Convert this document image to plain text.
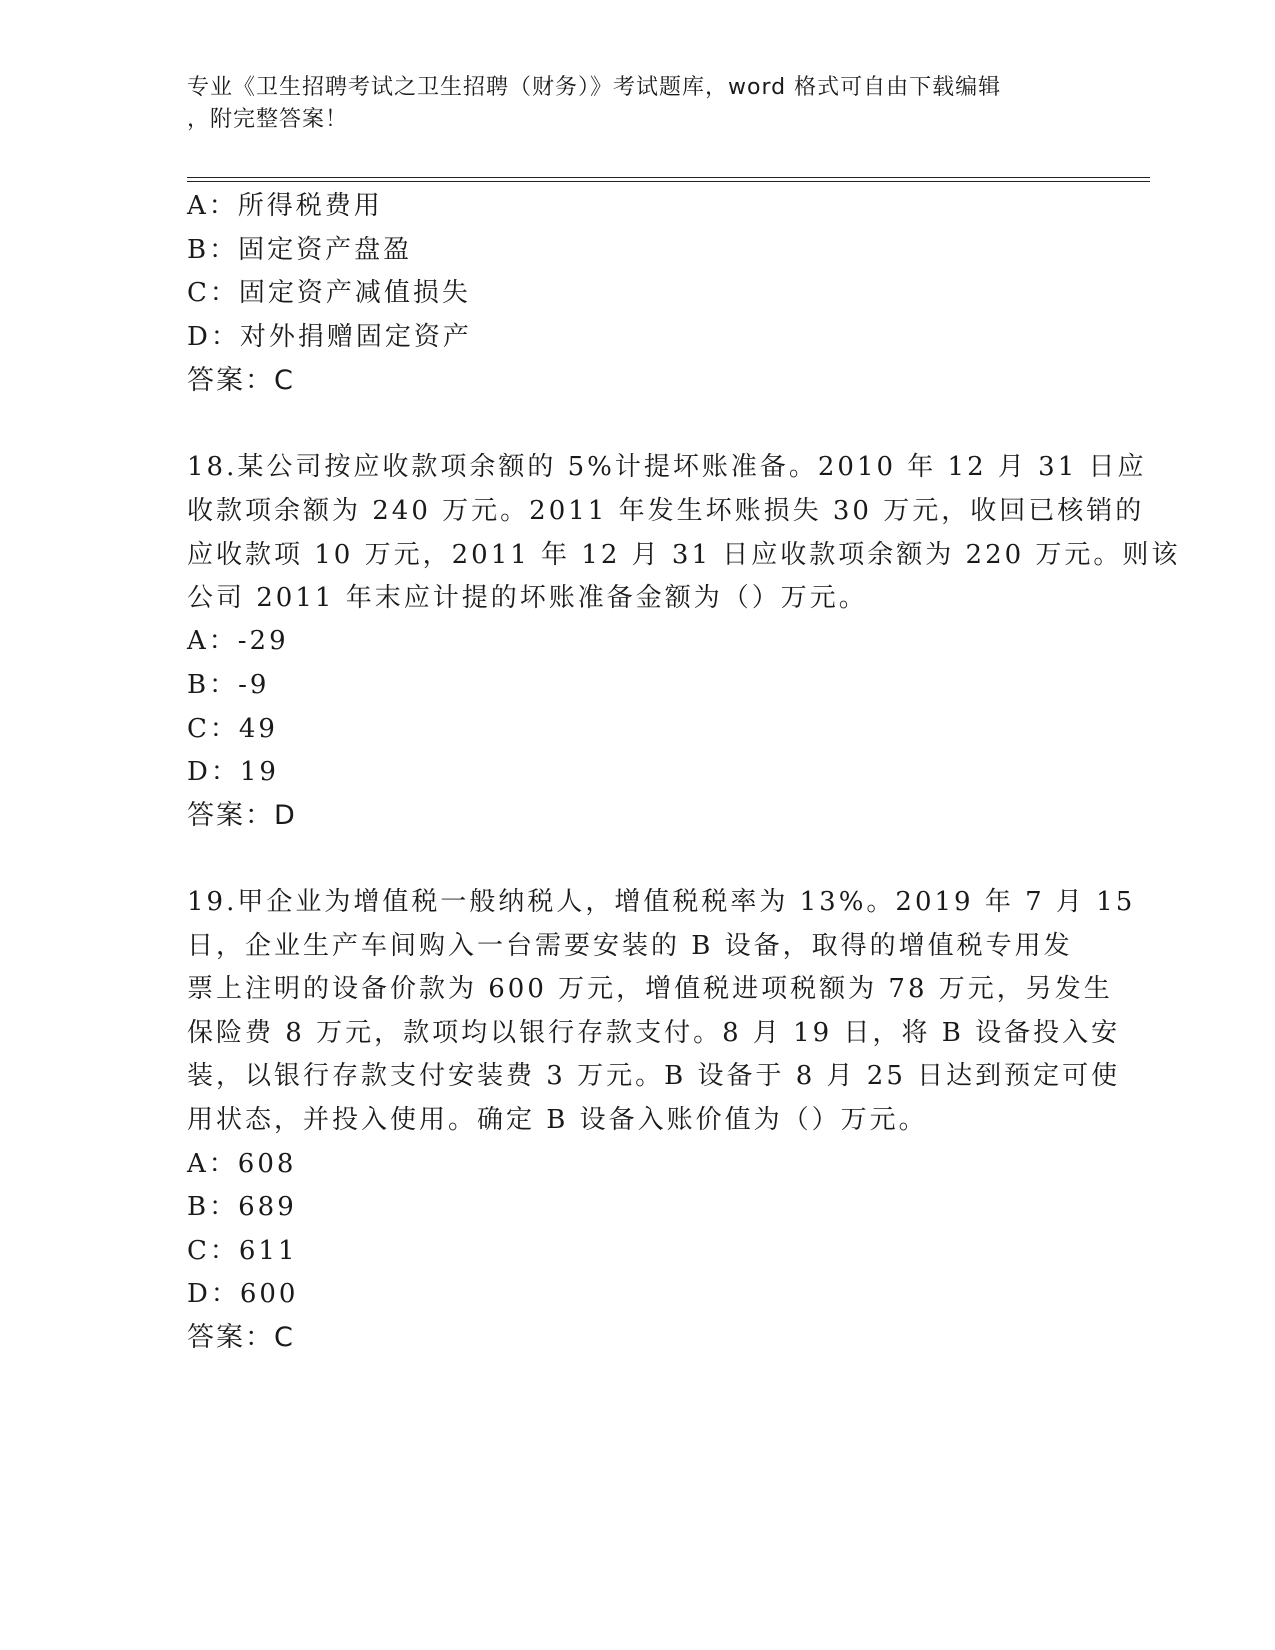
专业《卫生招聘考试之卫生招聘（财务）》考试题库，word 格式可自由下载编辑
，附完整答案！
A：所得税费用
B：固定资产盘盈
C：固定资产减值损失
D：对外捐赠固定资产
答案：C
18.某公司按应收款项余额的 5%计提坏账准备。2010 年 12 月 31 日应
收款项余额为 240 万元。2011 年发生坏账损失 30 万元，收回已核销的
应收款项 10 万元，2011 年 12 月 31 日应收款项余额为 220 万元。则该
公司 2011 年末应计提的坏账准备金额为（）万元。
A：-29
B：-9
C：49
D：19
答案：D
19.甲企业为增值税一般纳税人，增值税税率为 13%。2019 年 7 月 15
日，企业生产车间购入一台需要安装的 B 设备，取得的增值税专用发
票上注明的设备价款为 600 万元，增值税进项税额为 78 万元，另发生
保险费 8 万元，款项均以银行存款支付。8 月 19 日，将 B 设备投入安
装，以银行存款支付安装费 3 万元。B 设备于 8 月 25 日达到预定可使
用状态，并投入使用。确定 B 设备入账价值为（）万元。
A：608
B：689
C：611
D：600
答案：C
